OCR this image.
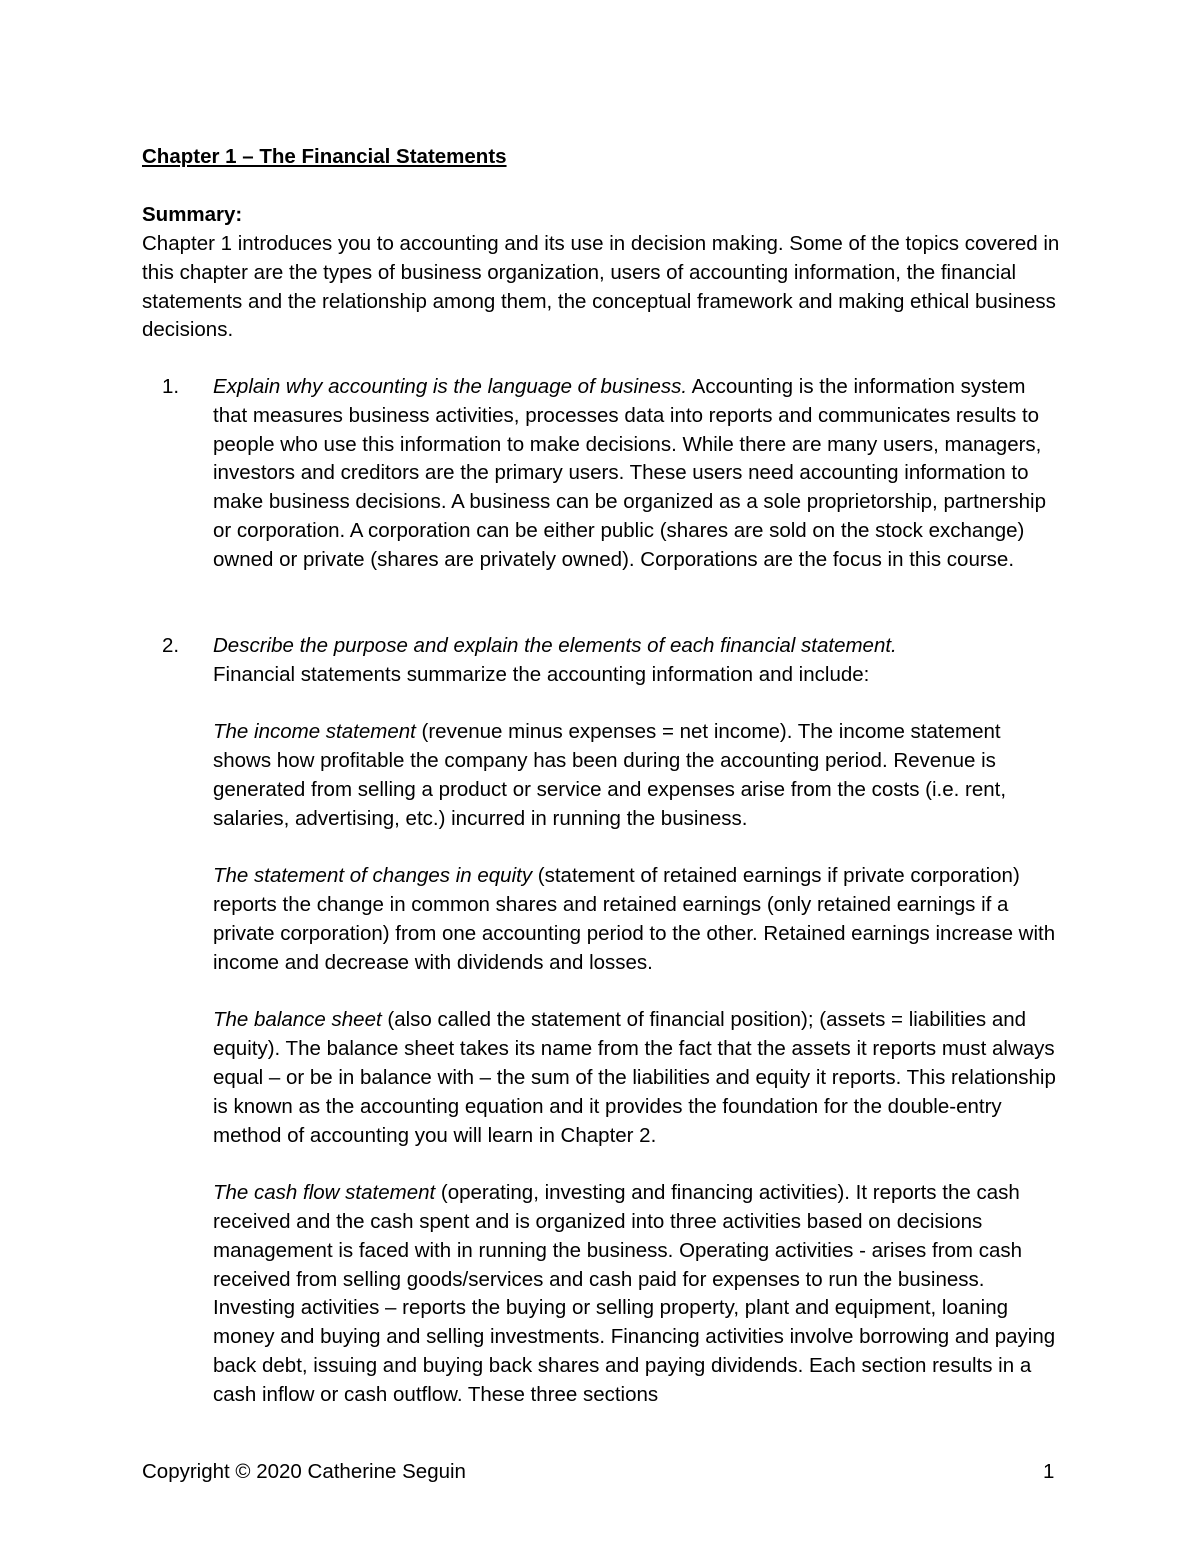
Chapter 1 – The Financial Statements
Summary:

Chapter 1 introduces you to accounting and its use in decision making. Some of the topics covered in this chapter are the types of business organization, users of accounting information, the financial statements and the relationship among them, the conceptual framework and making ethical business decisions.

1. Explain why accounting is the language of business. Accounting is the information system that measures business activities, processes data into reports and communicates results to people who use this information to make decisions. While there are many users, managers, investors and creditors are the primary users. These users need accounting information to make business decisions. A business can be organized as a sole proprietorship, partnership or corporation. A corporation can be either public (shares are sold on the stock exchange) owned or private (shares are privately owned). Corporations are the focus in this course.

2. Describe the purpose and explain the elements of each financial statement.

Financial statements summarize the accounting information and include:

The income statement (revenue minus expenses = net income). The income statement shows how profitable the company has been during the accounting period. Revenue is generated from selling a product or service and expenses arise from the costs (i.e. rent, salaries, advertising, etc.) incurred in running the business.

The statement of changes in equity (statement of retained earnings if private corporation) reports the change in common shares and retained earnings (only retained earnings if a private corporation) from one accounting period to the other. Retained earnings increase with income and decrease with dividends and losses.

The balance sheet (also called the statement of financial position); (assets = liabilities and equity). The balance sheet takes its name from the fact that the assets it reports must always equal – or be in balance with – the sum of the liabilities and equity it reports. This relationship is known as the accounting equation and it provides the foundation for the double-entry method of accounting you will learn in Chapter 2.

The cash flow statement (operating, investing and financing activities). It reports the cash received and the cash spent and is organized into three activities based on decisions management is faced with in running the business. Operating activities - arises from cash received from selling goods/services and cash paid for expenses to run the business. Investing activities – reports the buying or selling property, plant and equipment, loaning money and buying and selling investments. Financing activities involve borrowing and paying back debt, issuing and buying back shares and paying dividends. Each section results in a cash inflow or cash outflow. These three sections

Copyright © 2020 Catherine Seguin	1
